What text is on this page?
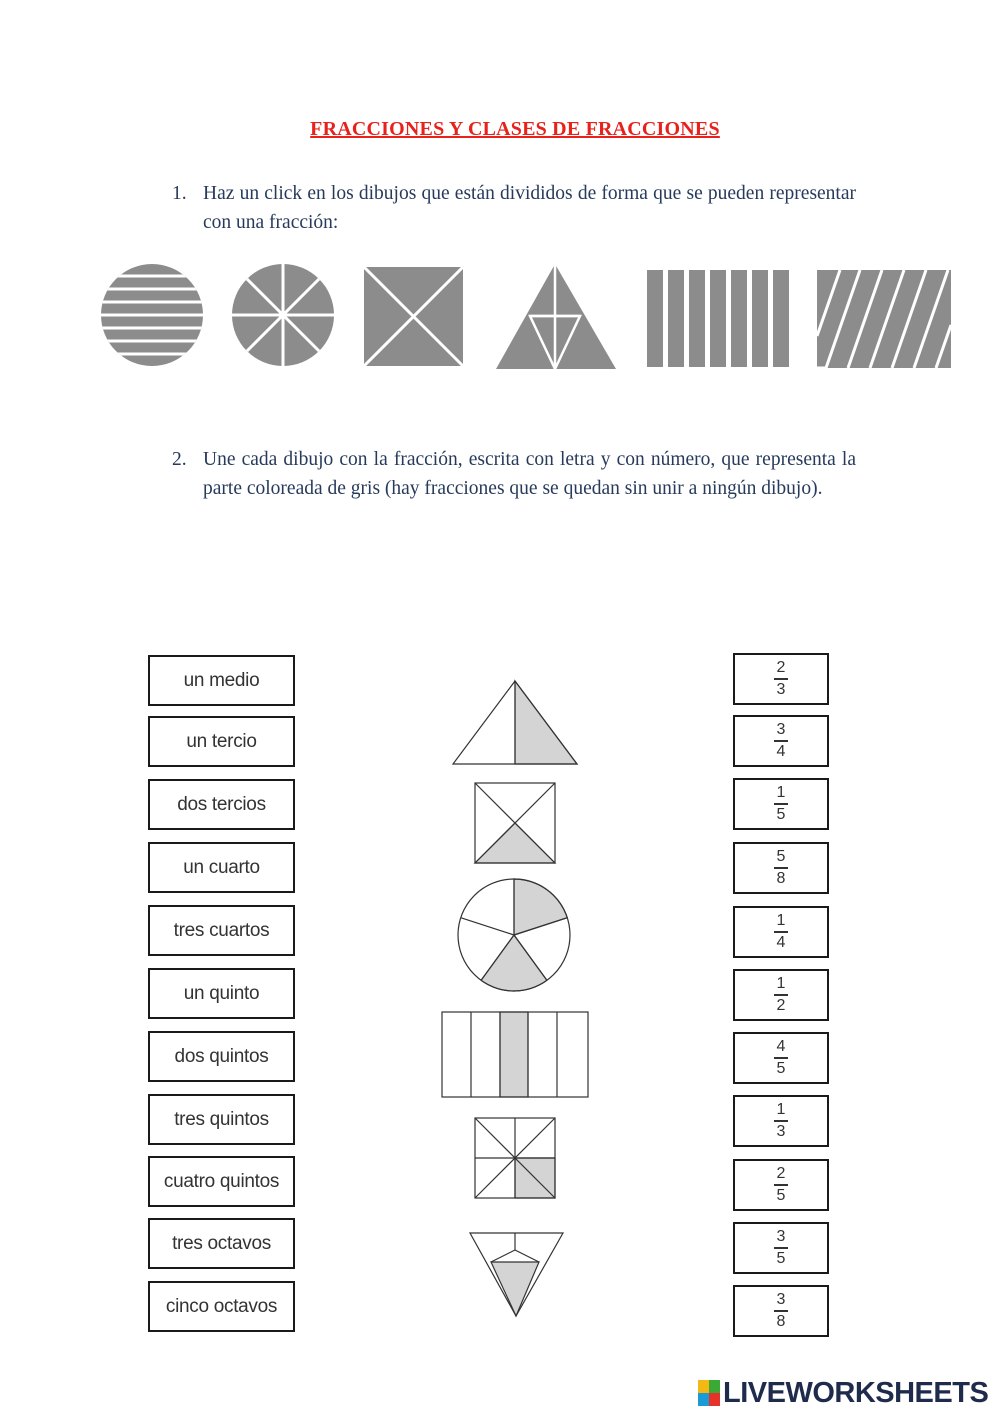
FRACCIONES Y CLASES DE FRACCIONES
1. Haz un click en los dibujos que están divididos de forma que se pueden representar con una fracción:
2. Une cada dibujo con la fracción, escrita con letra y con número, que representa la parte coloreada de gris (hay fracciones que se quedan sin unir a ningún dibujo).
un medio
un tercio
dos tercios
un cuarto
tres cuartos
un quinto
dos quintos
tres quintos
cuatro quintos
tres octavos
cinco octavos
2
3
3
4
1
5
5
8
1
4
1
2
4
5
1
3
2
5
3
5
3
8
LIVEWORKSHEETS
